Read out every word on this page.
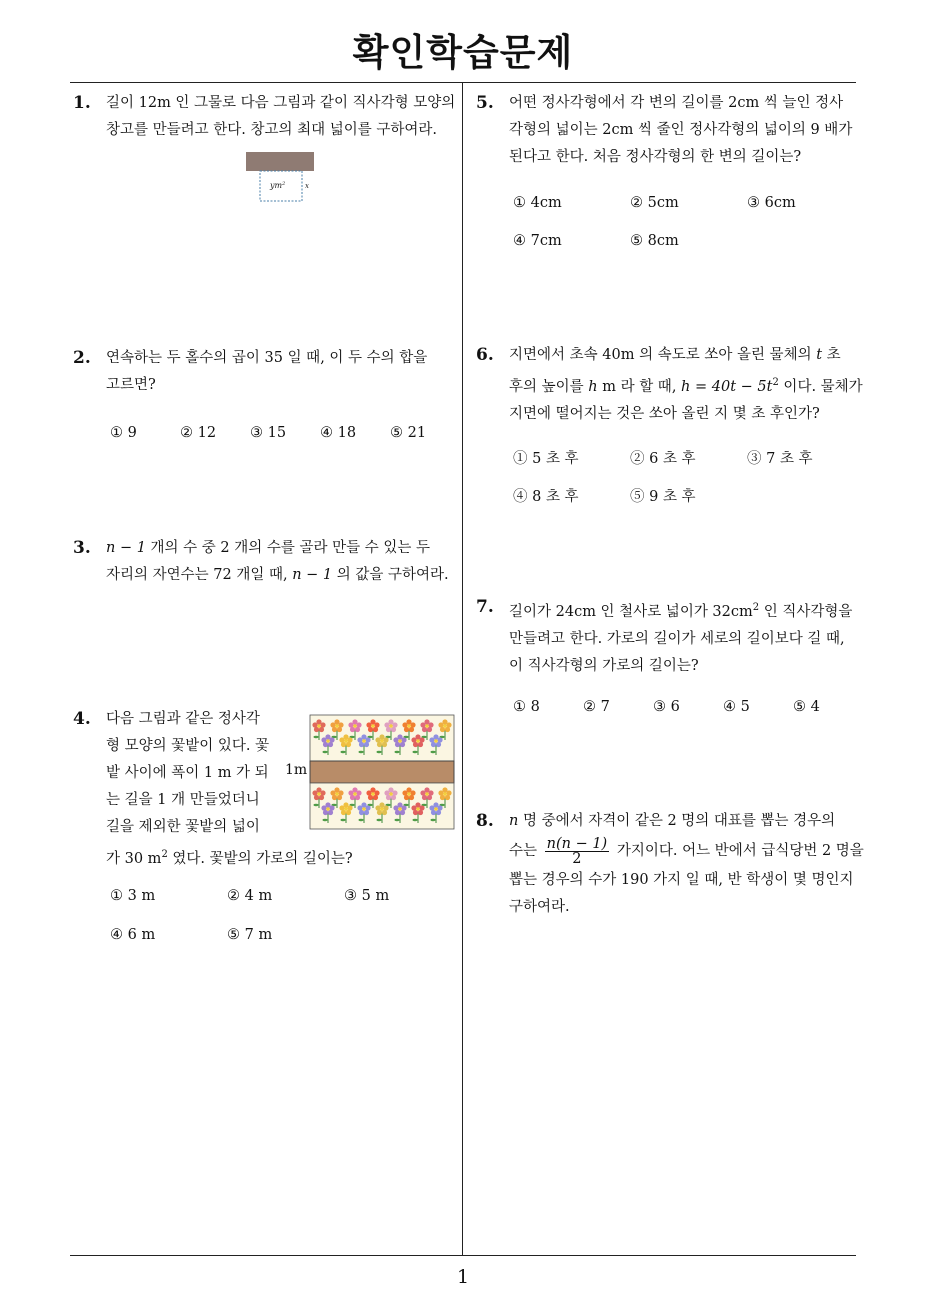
확인학습문제
1
1. 길이 12m 인 그물로 다음 그림과 같이 직사각형 모양의
창고를 만들려고 한다. 창고의 최대 넓이를 구하여라.
$ym^2$	x
2. 연속하는 두 홀수의 곱이 35 일 때, 이 두 수의 합을
고르면?
① 9	② 12 ③ 15 ④ 18 ⑤ 21
3. n − 1 개의 수 중 2 개의 수를 골라 만들 수 있는 두
자리의 자연수는 72 개일 때, n − 1 의 값을 구하여라.
4. 다음 그림과 같은 정사각
형 모양의 꽃밭이 있다. 꽃
밭 사이에 폭이 1 m 가 되
는 길을 1 개 만들었더니
길을 제외한 꽃밭의 넓이
가 30 $m^2$ 였다. 꽃밭의 가로의 길이는?
1m
① 3 m	② 4 m	③ 5 m
④ 6 m	⑤ 7 m
5. 어떤 정사각형에서 각 변의 길이를 2cm 씩 늘인 정사
각형의 넓이는 2cm 씩 줄인 정사각형의 넓이의 9 배가
된다고 한다. 처음 정사각형의 한 변의 길이는?
① 4cm	② 5cm	③ 6cm
④ 7cm	⑤ 8cm
6. 지면에서 초속 40m 의 속도로 쏘아 올린 물체의 t 초
후의 높이를 h m 라 할 때, $h = 40t - 5t^2$ 이다. 물체가
지면에 떨어지는 것은 쏘아 올린 지 몇 초 후인가?
① 5 초 후	② 6 초 후	③ 7 초 후
④ 8 초 후	⑤ 9 초 후
7. 길이가 24cm 인 철사로 넓이가 $32cm^2$ 인 직사각형을
만들려고 한다. 가로의 길이가 세로의 길이보다 길 때,
이 직사각형의 가로의 길이는?
① 8	② 7	③ 6	④ 5	⑤ 4
8. n 명 중에서 자격이 같은 2 명의 대표를 뽑는 경우의
수는 $\frac{n(n - 1)}{2}$ 가지이다. 어느 반에서 급식당번 2 명을
뽑는 경우의 수가 190 가지 일 때, 반 학생이 몇 명인지
구하여라.
